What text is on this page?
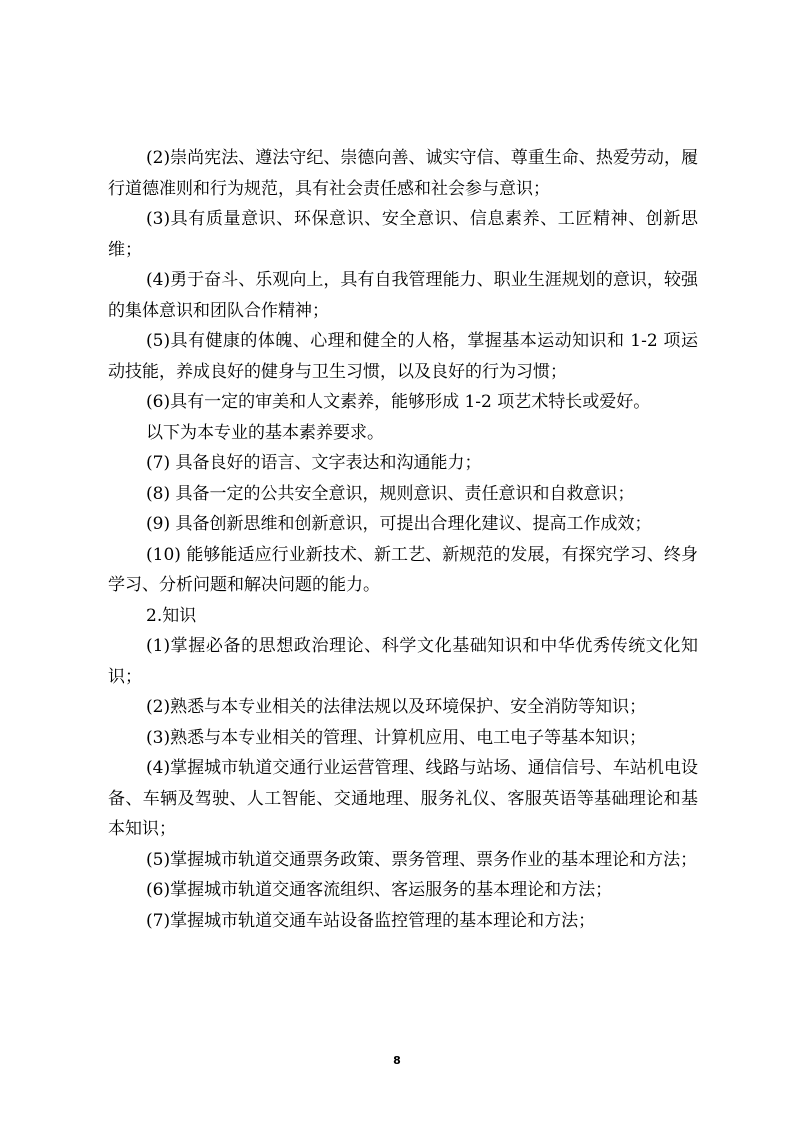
(2)崇尚宪法、遵法守纪、崇德向善、诚实守信、尊重生命、热爱劳动，履行道德准则和行为规范，具有社会责任感和社会参与意识；

(3)具有质量意识、环保意识、安全意识、信息素养、工匠精神、创新思维；

(4)勇于奋斗、乐观向上，具有自我管理能力、职业生涯规划的意识，较强的集体意识和团队合作精神；

(5)具有健康的体魄、心理和健全的人格，掌握基本运动知识和 1-2 项运动技能，养成良好的健身与卫生习惯，以及良好的行为习惯；

(6)具有一定的审美和人文素养，能够形成 1-2 项艺术特长或爱好。

以下为本专业的基本素养要求。

(7) 具备良好的语言、文字表达和沟通能力；

(8) 具备一定的公共安全意识，规则意识、责任意识和自救意识；

(9) 具备创新思维和创新意识，可提出合理化建议、提高工作成效；

(10) 能够能适应行业新技术、新工艺、新规范的发展，有探究学习、终身学习、分析问题和解决问题的能力。

2.知识

(1)掌握必备的思想政治理论、科学文化基础知识和中华优秀传统文化知识；

(2)熟悉与本专业相关的法律法规以及环境保护、安全消防等知识；

(3)熟悉与本专业相关的管理、计算机应用、电工电子等基本知识；

(4)掌握城市轨道交通行业运营管理、线路与站场、通信信号、车站机电设备、车辆及驾驶、人工智能、交通地理、服务礼仪、客服英语等基础理论和基本知识；

(5)掌握城市轨道交通票务政策、票务管理、票务作业的基本理论和方法；

(6)掌握城市轨道交通客流组织、客运服务的基本理论和方法；

(7)掌握城市轨道交通车站设备监控管理的基本理论和方法；

8
